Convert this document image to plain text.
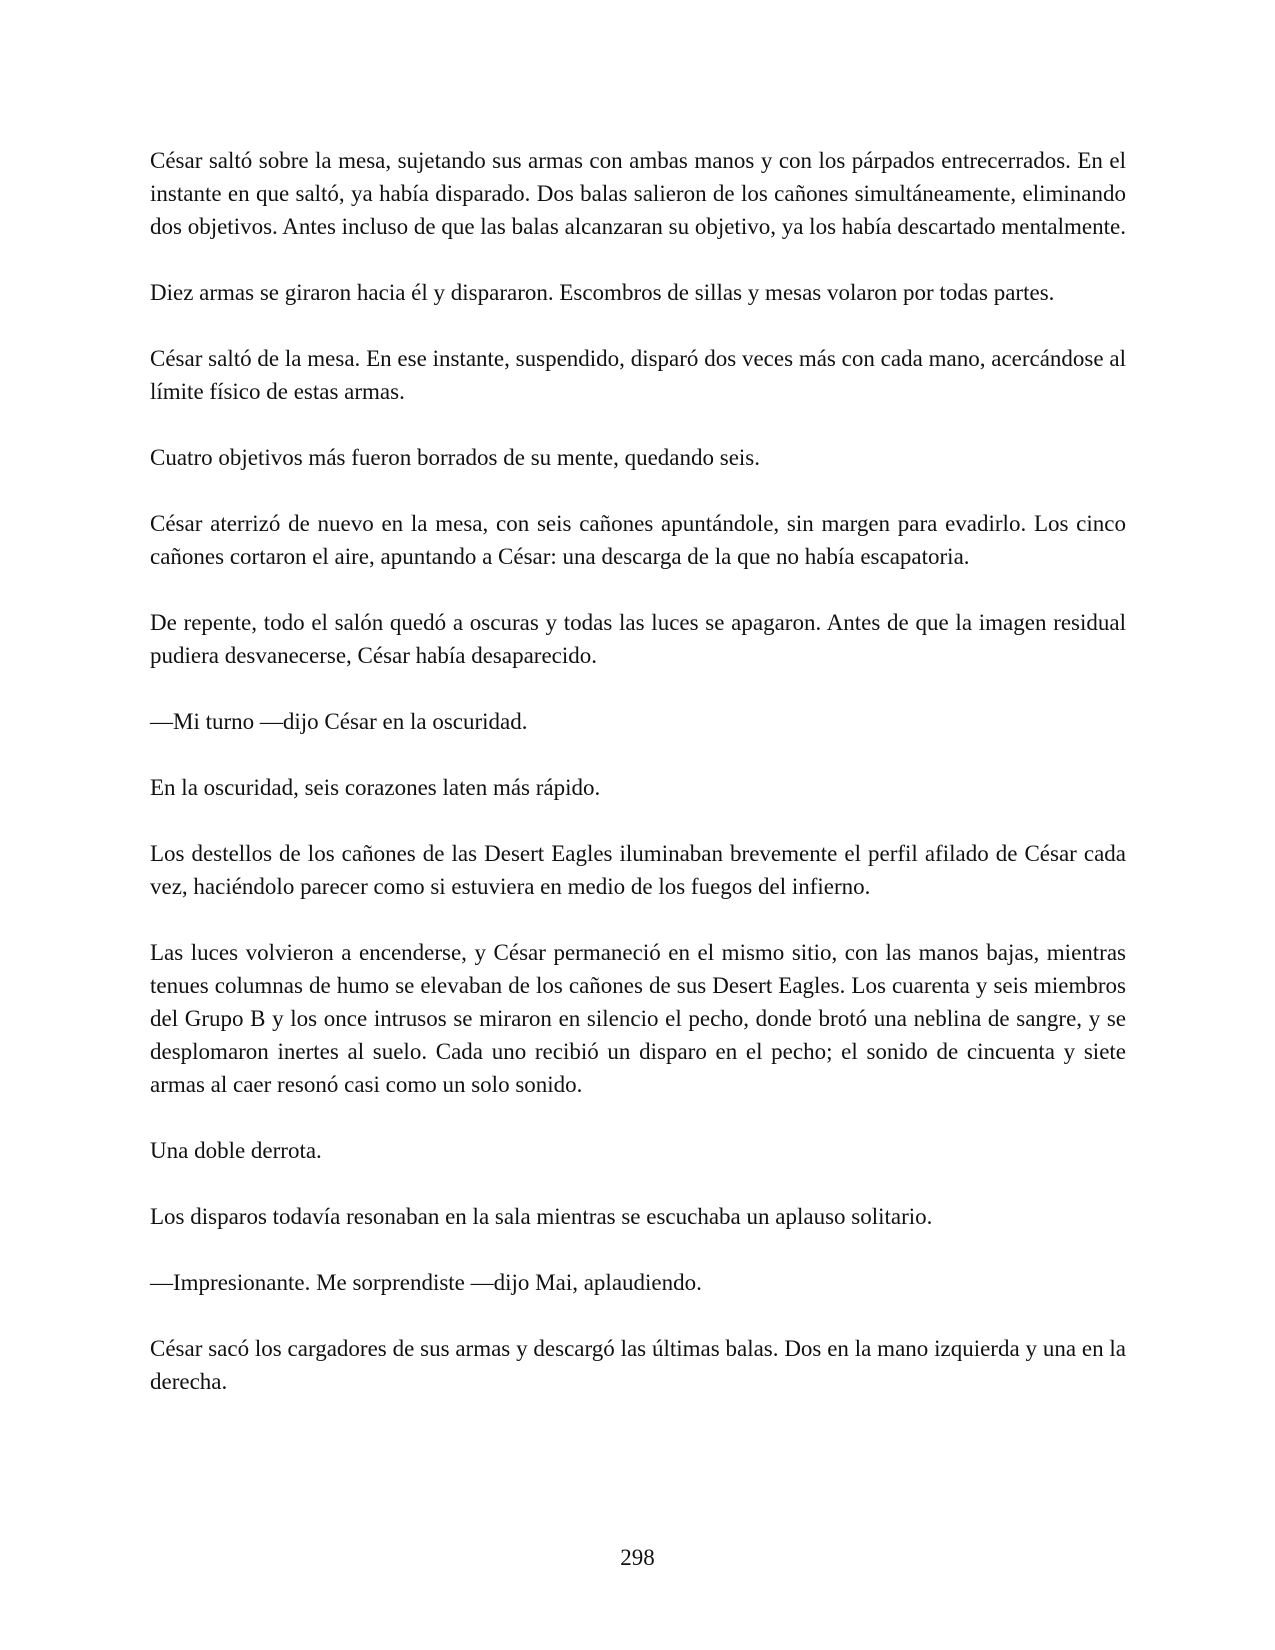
César saltó sobre la mesa, sujetando sus armas con ambas manos y con los párpados entrecerrados. En el instante en que saltó, ya había disparado. Dos balas salieron de los cañones simultáneamente, eliminando dos objetivos. Antes incluso de que las balas alcanzaran su objetivo, ya los había descartado mentalmente.

Diez armas se giraron hacia él y dispararon. Escombros de sillas y mesas volaron por todas partes.

César saltó de la mesa. En ese instante, suspendido, disparó dos veces más con cada mano, acercándose al límite físico de estas armas.

Cuatro objetivos más fueron borrados de su mente, quedando seis.

César aterrizó de nuevo en la mesa, con seis cañones apuntándole, sin margen para evadirlo. Los cinco cañones cortaron el aire, apuntando a César: una descarga de la que no había escapatoria.

De repente, todo el salón quedó a oscuras y todas las luces se apagaron. Antes de que la imagen residual pudiera desvanecerse, César había desaparecido.

—Mi turno —dijo César en la oscuridad.

En la oscuridad, seis corazones laten más rápido.

Los destellos de los cañones de las Desert Eagles iluminaban brevemente el perfil afilado de César cada vez, haciéndolo parecer como si estuviera en medio de los fuegos del infierno.

Las luces volvieron a encenderse, y César permaneció en el mismo sitio, con las manos bajas, mientras tenues columnas de humo se elevaban de los cañones de sus Desert Eagles. Los cuarenta y seis miembros del Grupo B y los once intrusos se miraron en silencio el pecho, donde brotó una neblina de sangre, y se desplomaron inertes al suelo. Cada uno recibió un disparo en el pecho; el sonido de cincuenta y siete armas al caer resonó casi como un solo sonido.

Una doble derrota.

Los disparos todavía resonaban en la sala mientras se escuchaba un aplauso solitario.

—Impresionante. Me sorprendiste —dijo Mai, aplaudiendo.

César sacó los cargadores de sus armas y descargó las últimas balas. Dos en la mano izquierda y una en la derecha.

298
